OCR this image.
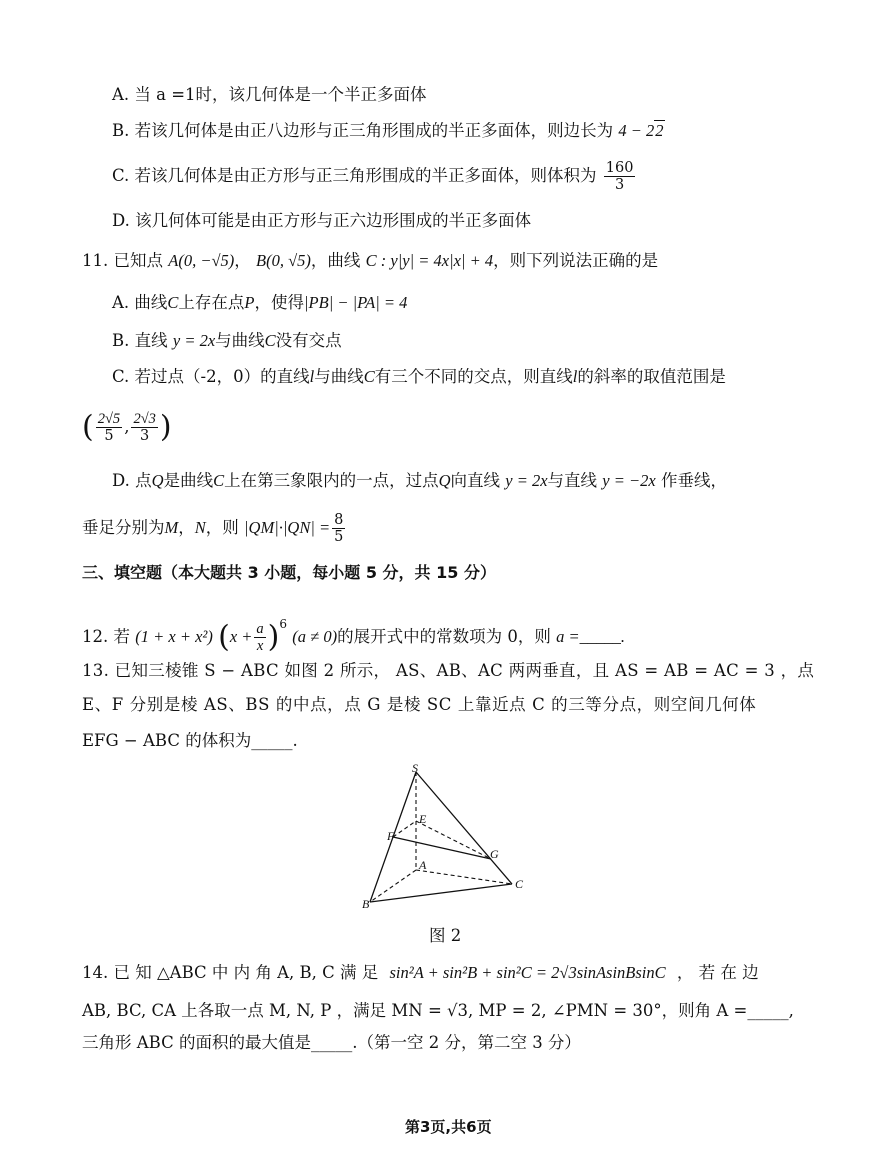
A. 当 a =1时，该几何体是一个半正多面体
B. 若该几何体是由正八边形与正三角形围成的半正多面体，则边长为 4 − 22
C. 若该几何体是由正方形与正三角形围成的半正多面体，则体积为 $\frac{160}{3}$
D. 该几何体可能是由正方形与正六边形围成的半正多面体
11. 已知点 A(0, −√5)， B(0, √5)，曲线 C : y|y| = 4x|x| + 4，则下列说法正确的是
A. 曲线C上存在点P，使得|PB| − |PA| = 4
B. 直线 y = 2x与曲线C没有交点
C. 若过点（-2，0）的直线l与曲线C有三个不同的交点，则直线l的斜率的取值范围是
( $\frac{2√5}{5}$ , $\frac{2√3}{3}$ )
D. 点Q是曲线C上在第三象限内的一点，过点Q向直线 y = 2x与直线 y = −2x 作垂线，
垂足分别为M，N，则 $|QM|\cdot|QN| = \frac{8}{5}$
三、填空题（本大题共 3 小题，每小题 5 分，共 15 分）
12. 若 (1 + x + x²) $(x + \frac{a}{x} )^6$ (a ≠ 0)的展开式中的常数项为 0，则 a =_____.
13. 已知三棱锥 S − ABC 如图 2 所示， AS、AB、AC 两两垂直，且 AS = AB = AC = 3 ，点
E、F 分别是棱 AS、BS 的中点，点 G 是棱 SC 上靠近点 C 的三等分点，则空间几何体
EFG − ABC 的体积为_____.
S
E
F
G
A
C
B
图 2
14. 已 知 △ABC 中 内 角 A, B, C 满 足 sin²A + sin²B + sin²C = 2√3sinAsinBsinC ， 若 在 边
AB, BC, CA 上各取一点 M, N, P ，满足 MN = √3, MP = 2, ∠PMN = 30°，则角 A =_____,
三角形 ABC 的面积的最大值是_____.（第一空 2 分，第二空 3 分）
第3页,共6页
